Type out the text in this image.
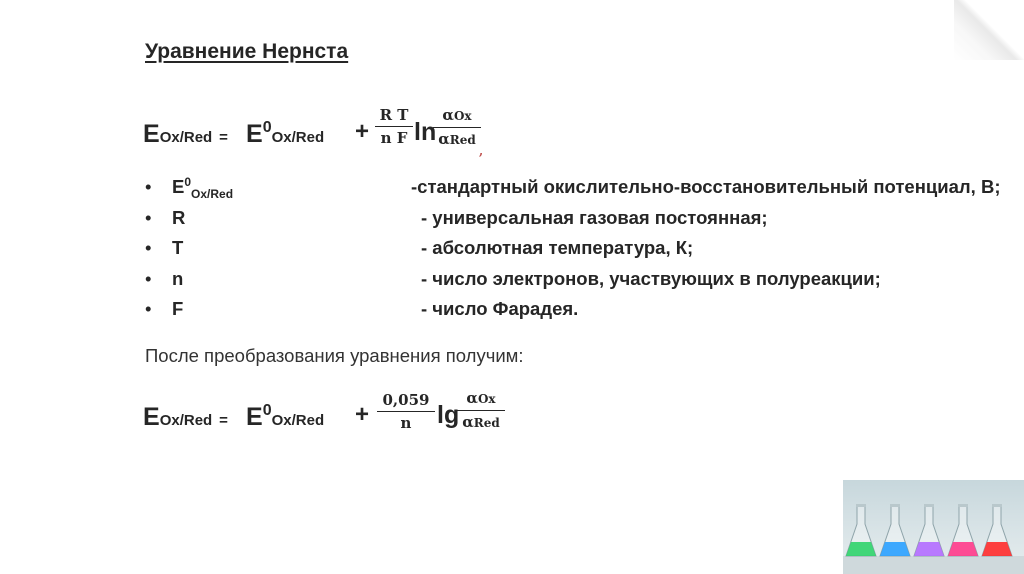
Уравнение Нернста
$EOx/Red = E^0Ox$/Red +
R T
n F ln
αOx
αRed
,
• $E^0_{Ox/Red}$	-стандартный окислительно-восстановительный потенциал, В;
• R	- универсальная газовая постоянная;
• T	- абсолютная температура, К;
• n	- число электронов, участвующих в полуреакции;
• F	- число Фарадея.
После преобразования уравнения получим:
$EOx/Red = E^0Ox$/Red +
0,059
n	lg
αOx
αRed
